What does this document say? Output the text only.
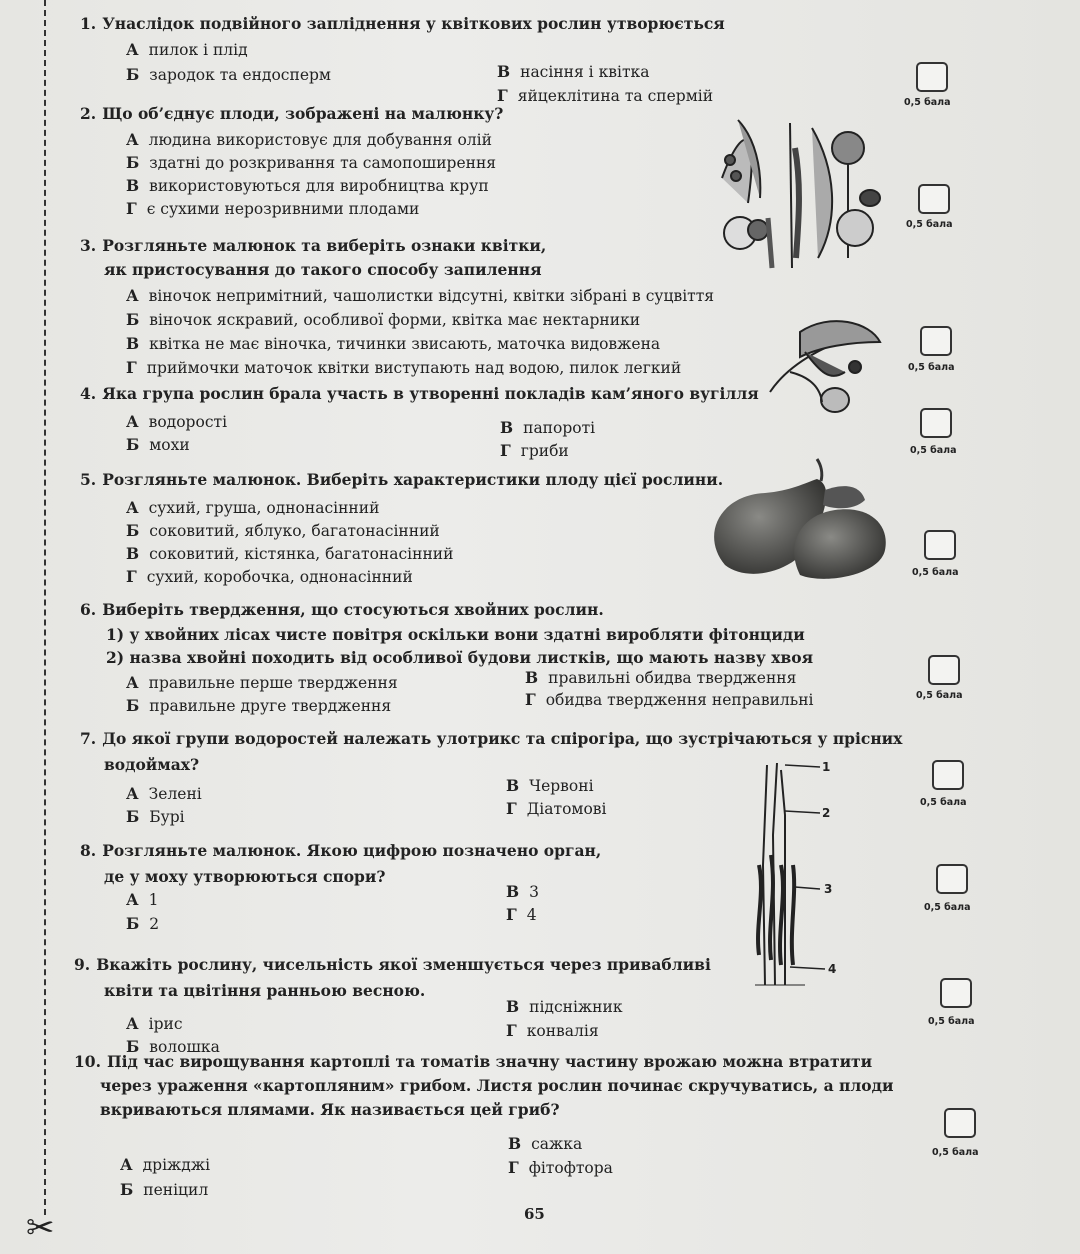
✂
1. Унаслідок подвійного запліднення у квіткових рослин утворюється
А пилок і плід
Б зародок та ендосперм	В насіння і квітка
Г яйцеклітина та спермій	0,5 бала
2. Що об’єднує плоди, зображені на малюнку?
А людина використовує для добування олій
Б здатні до розкривання та самопоширення
В використовуються для виробництва круп
Г є сухими нерозривними плодами
0,5 бала
3. Розгляньте малюнок та виберіть ознаки квітки,
як пристосування до такого способу запилення
А віночок непримітний, чашолистки відсутні, квітки зібрані в суцвіття
Б віночок яскравий, особливої форми, квітка має нектарники
В квітка не має віночка, тичинки звисають, маточка видовжена
Г приймочки маточок квітки виступають над водою, пилок легкий	0,5 бала
4. Яка група рослин брала участь в утворенні покладів кам’яного вугілля
А водорості
Б мохи
В папороті
Г гриби	0,5 бала
5. Розгляньте малюнок. Виберіть характеристики плоду цієї рослини.
А сухий, груша, однонасінний
Б соковитий, яблуко, багатонасінний
В соковитий, кістянка, багатонасінний
Г сухий, коробочка, однонасінний	0,5 бала
6. Виберіть твердження, що стосуються хвойних рослин.
1) у хвойних лісах чисте повітря оскільки вони здатні виробляти фітонциди
2) назва хвойні походить від особливої будови листків, що мають назву хвоя
А правильне перше твердження
Б правильне друге твердження
В правильні обидва твердження
Г обидва твердження неправильні	0,5 бала
7. До якої групи водоростей належать улотрикс та спірогіра, що зустрічаються у прісних
водоймах?
А Зелені
Б Бурі
В Червоні
Г Діатомові	0,5 бала
1
2
3
4
8. Розгляньте малюнок. Якою цифрою позначено орган,
де у моху утворюються спори?
А 1
Б 2
В 3
Г 4	0,5 бала
9. Вкажіть рослину, чисельність якої зменшується через привабливі
квіти та цвітіння ранньою весною.
А ірис
Б волошка
В підсніжник
Г конвалія
0,5 бала
10. Під час вирощування картоплі та томатів значну частину врожаю можна втратити
через ураження «картопляним» грибом. Листя рослин починає скручуватись, а плоди
вкриваються плямами. Як називається цей гриб?
А дріжджі
Б пеніцил
В сажка
Г фітофтора
0,5 бала
65
